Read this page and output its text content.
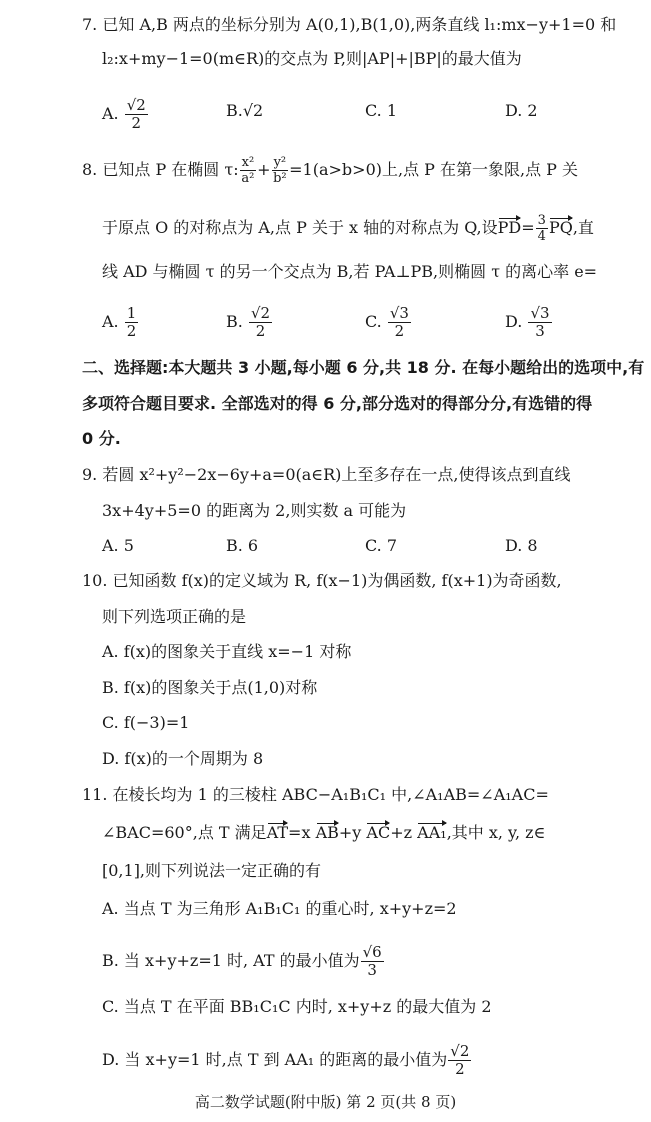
7. 已知 A,B 两点的坐标分别为 A(0,1),B(1,0),两条直线 l₁:mx−y+1=0 和
l₂:x+my−1=0(m∈R)的交点为 P,则|AP|+|BP|的最大值为
A. $\frac{√2}{2}$	B.√2	C. 1	D. 2
8. 已知点 P 在椭圆 τ: $\frac{\text{x²}}{\text{a²}} + \frac{\text{y²}}{\text{b²}} =1(a>b>0)$上,点 P 在第一象限,点 P 关
于原点 O 的对称点为 A,点 P 关于 x 轴的对称点为 Q,设$PD= \frac{3}{4}$ PQ,直
线 AD 与椭圆 τ 的另一个交点为 B,若 PA⊥PB,则椭圆 τ 的离心率 e=
A. $\frac{1}{2}$	B. $\frac{√2}{2}$	C. $\frac{√3}{2}$	D. $\frac{√3}{3}$
二、选择题:本大题共 3 小题,每小题 6 分,共 18 分. 在每小题给出的选项中,有
多项符合题目要求. 全部选对的得 6 分,部分选对的得部分分,有选错的得
0 分.
9. 若圆 x²+y²−2x−6y+a=0(a∈R)上至多存在一点,使得该点到直线
3x+4y+5=0 的距离为 2,则实数 a 可能为
A. 5	B. 6	C. 7	D. 8
10. 已知函数 f(x)的定义域为 R, f(x−1)为偶函数, f(x+1)为奇函数,
则下列选项正确的是
A. f(x)的图象关于直线 x=−1 对称
B. f(x)的图象关于点(1,0)对称
C. f(−3)=1
D. f(x)的一个周期为 8
11. 在棱长均为 1 的三棱柱 ABC−A₁B₁C₁ 中,∠A₁AB=∠A₁AC=
∠BAC=60°,点 T 满足AT=x AB+y AC+z AA₁,其中 x, y, z∈
[0,1],则下列说法一定正确的有
A. 当点 T 为三角形 A₁B₁C₁ 的重心时, x+y+z=2
B. 当 x+y+z=1 时, AT 的最小值为 $\frac{√6}{3}$
C. 当点 T 在平面 BB₁C₁C 内时, x+y+z 的最大值为 2
D. 当 x+y=1 时,点 T 到 AA₁ 的距离的最小值为 $\frac{√2}{2}$
高二数学试题(附中版) 第 2 页(共 8 页)
